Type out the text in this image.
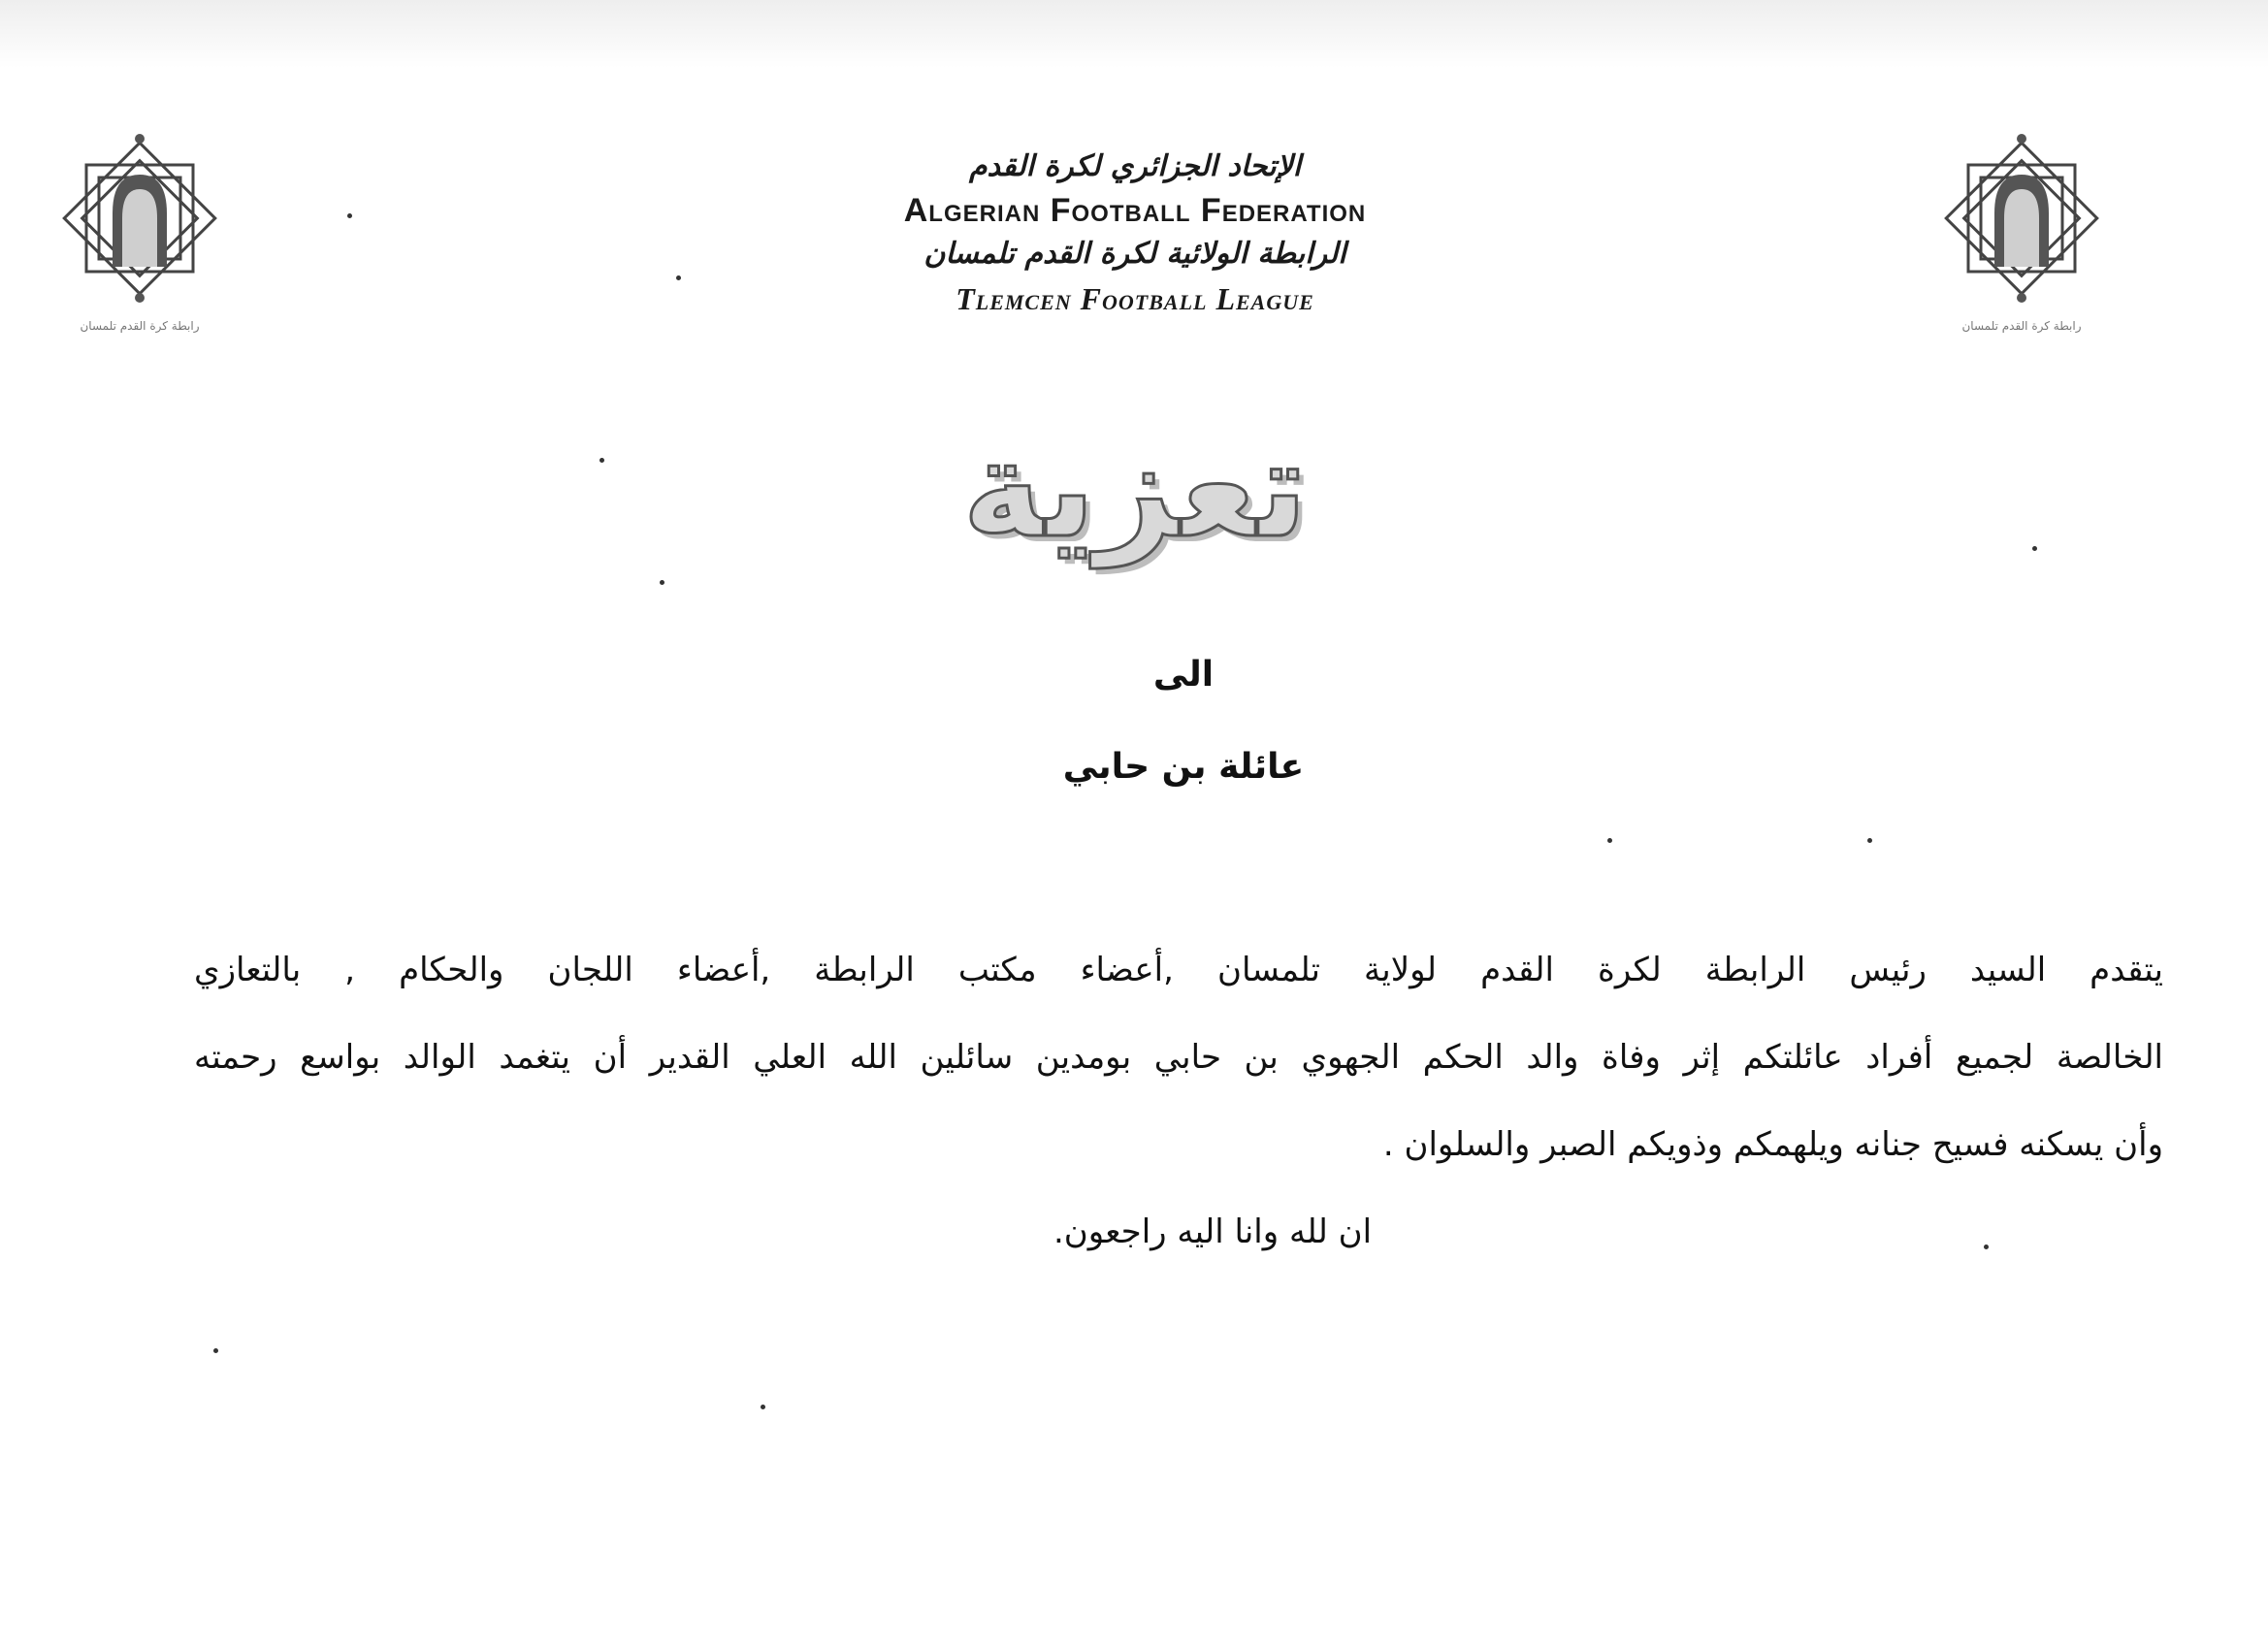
رابطة كرة القدم تلمسان	رابطة كرة القدم تلمسان
الإتحاد الجزائري لكرة القدم
Algerian Football Federation
الرابطة الولائية لكرة القدم تلمسان
Tlemcen Football League
تعزية
الى
عائلة بن حابي
يتقدم السيد رئيس الرابطة لكرة القدم لولاية تلمسان ,أعضاء مكتب الرابطة ,أعضاء اللجان والحكام , بالتعازي
الخالصة لجميع أفراد عائلتكم إثر وفاة والد الحكم الجهوي بن حابي بومدين سائلين الله العلي القدير أن يتغمد الوالد بواسع رحمته
وأن يسكنه فسيح جنانه ويلهمكم وذويكم الصبر والسلوان .
ان لله وانا اليه راجعون.
